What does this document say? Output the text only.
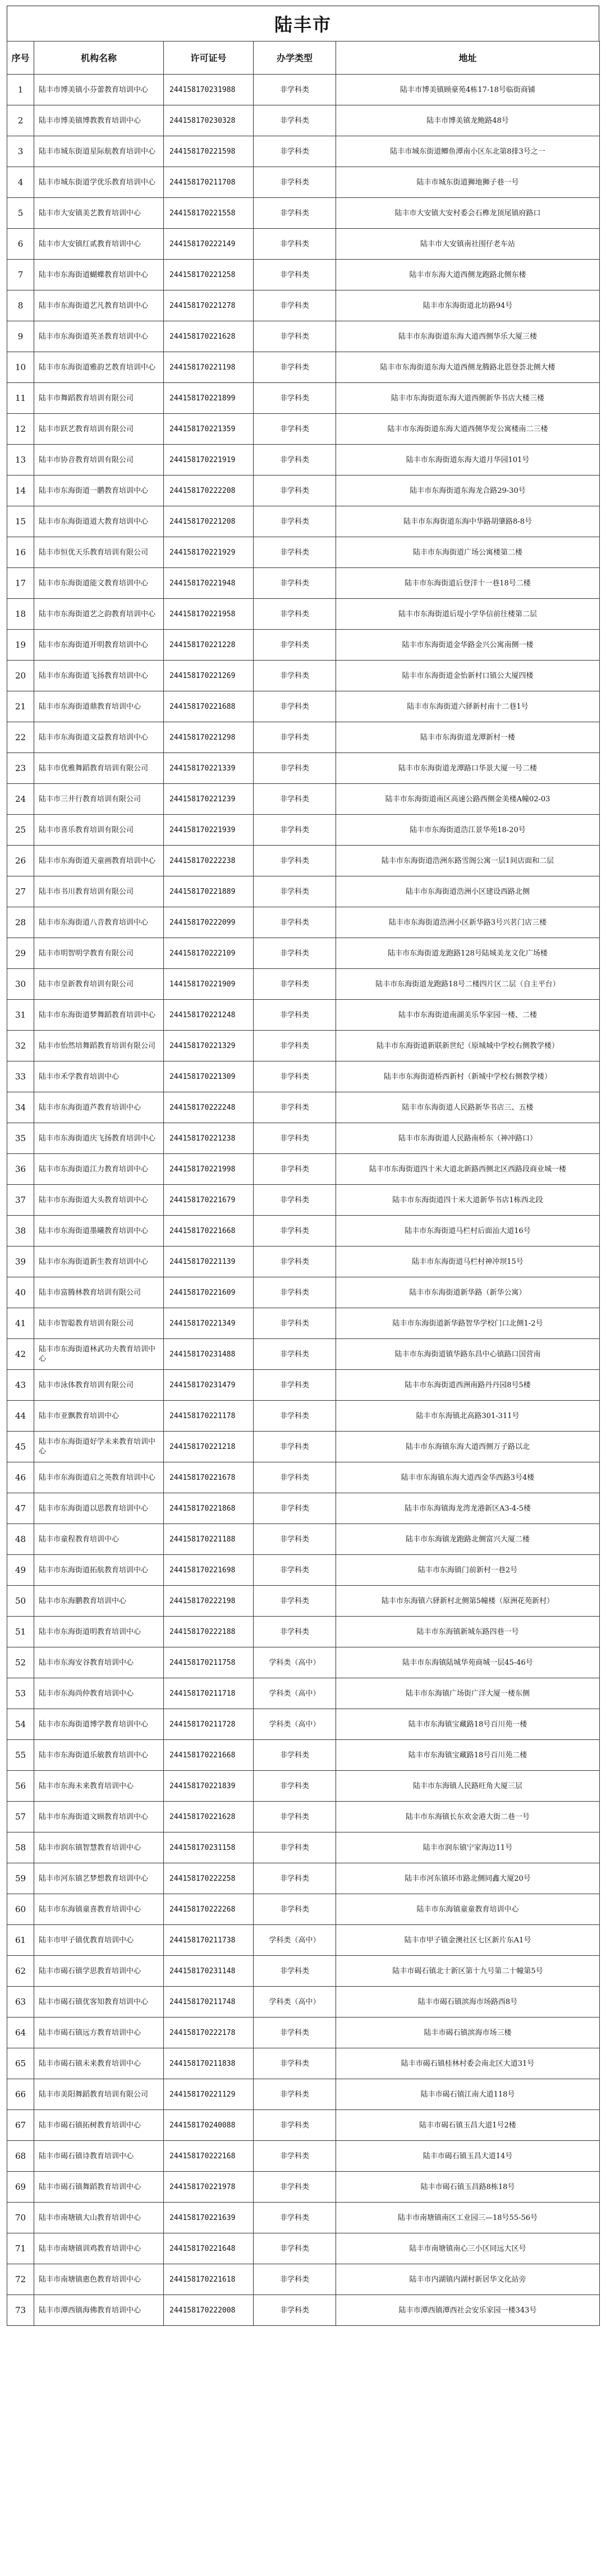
陆丰市
序号	机构名称	许可证号	办学类型	地址
1	陆丰市博美镇小芬蕾教育培训中心	244158170231988	非学科类	陆丰市博美镇顾豪苑4栋17-18号临街商铺
2	陆丰市博美镇博教教育培训中心	244158170230328	非学科类	陆丰市博美镇龙鲍路48号
3	陆丰市城东街道星际航教育培训中心	244158170221598	非学科类	陆丰市城东街道鲫鱼潭南小区东北第8排3号之一
4	陆丰市城东街道学优乐教育培训中心	244158170211708	非学科类	陆丰市城东街道狮地狮子巷一号
5	陆丰市大安镇美艺教育培训中心	244158170221558	非学科类	陆丰市大安镇大安村委会石榫龙顶尾镇府路口
6	陆丰市大安镇红贰教育培训中心	244158170222149	非学科类	陆丰市大安镇南社围仔老车站
7	陆丰市东海街道蝴蝶教育培训中心	244158170221258	非学科类	陆丰市东海大道西侧龙跑路北侧东楼
8	陆丰市东海街道艺凡教育培训中心	244158170221278	非学科类	陆丰市东海街道北坊路94号
9	陆丰市东海街道英圣教育培训中心	244158170221628	非学科类	陆丰市东海街道东海大道西侧华乐大厦三楼
10	陆丰市东海街道雅韵艺教育培训中心	244158170221198	非学科类	陆丰市东海街道东海大道西侧龙腾路北恩登荟北侧大楼
11	陆丰市舞蹈教育培训有限公司	244158170221899	非学科类	陆丰市东海街道东海大道西侧新华书店大楼三楼
12	陆丰市跃艺教育培训有限公司	244158170221359	非学科类	陆丰市东海街道东海大道西侧华发公寓楼南二三楼
13	陆丰市协音教育培训有限公司	244158170221919	非学科类	陆丰市东海街道东海大道月华园101号
14	陆丰市东海街道一鹏教育培训中心	244158170222208	非学科类	陆丰市东海街道东海龙合路29-30号
15	陆丰市东海街道道大教育培训中心	244158170221208	非学科类	陆丰市东海街道东海中华路胡肇路8-8号
16	陆丰市恒优天乐教育培训有限公司	244158170221929	非学科类	陆丰市东海街道广场公寓楼第二楼
17	陆丰市东海街道能文教育培训中心	244158170221948	非学科类	陆丰市东海街道后登洋十一巷18号二楼
18	陆丰市东海街道艺之韵教育培训中心	244158170221958	非学科类	陆丰市东海街道后堤小学华信前往楼第二层
19	陆丰市东海街道开明教育培训中心	244158170221228	非学科类	陆丰市东海街道金华路金兴公寓南侧一楼
20	陆丰市东海街道飞扬教育培训中心	244158170221269	非学科类	陆丰市东海街道金怡新村口镇公大厦四楼
21	陆丰市东海街道鼎教育培训中心	244158170221688	非学科类	陆丰市东海街道六驿新村南十二巷1号
22	陆丰市东海街道文益教育培训中心	244158170221298	非学科类	陆丰市东海街道龙潭新村一楼
23	陆丰市优雅舞蹈教育培训有限公司	244158170221339	非学科类	陆丰市东海街道龙潭路口华景大厦一号二楼
24	陆丰市三井行教育培训有限公司	244158170221239	非学科类	陆丰市东海街道南区高速公路西侧金美楼A幢02-03
25	陆丰市喜乐教育培训有限公司	244158170221939	非学科类	陆丰市东海街道浩江景华苑18-20号
26	陆丰市东海街道天童画教育培训中心	244158170222238	非学科类	陆丰市东海街道浩洲东路雪阁公寓一层1间店面和二层
27	陆丰市书川教育培训有限公司	244158170221889	非学科类	陆丰市东海街道浩洲小区建设西路北侧
28	陆丰市东海街道八音教育培训中心	244158170222099	非学科类	陆丰市东海街道浩洲小区新华路3号兴茗门店三楼
29	陆丰市明智明学教育有限公司	244158170222109	非学科类	陆丰市东海街道龙跑路128号陆城美龙文化广场楼
30	陆丰市皇新教育培训有限公司	144158170221909	非学科类	陆丰市东海街道龙跑路18号二楼四片区二层（自主平台）
31	陆丰市东海街道梦舞蹈教育培训中心	244158170221248	非学科类	陆丰市东海街道南湖美乐华家园一楼、二楼
32	陆丰市怡然培舞蹈教育培训有限公司	244158170221329	非学科类	陆丰市东海街道新联新世纪（原城城中学校右侧教学楼）
33	陆丰市禾学教育培训中心	244158170221309	非学科类	陆丰市东海街道桥西新村（新城中学校右侧教学楼）
34	陆丰市东海街道芦教育培训中心	244158170222248	非学科类	陆丰市东海街道人民路新华书店三、五楼
35	陆丰市东海街道庆飞扬教育培训中心	244158170221238	非学科类	陆丰市东海街道人民路南桥东（神冲路口）
36	陆丰市东海街道江力教育培训中心	244158170221998	非学科类	陆丰市东海街道四十米大道北新路西侧北区西路段商业城一楼
37	陆丰市东海街道大头教育培训中心	244158170221679	非学科类	陆丰市东海街道四十米大道新华书店1栋西北段
38	陆丰市东海街道墨曦教育培训中心	244158170221668	非学科类	陆丰市东海街道马栏村后面汕大道16号
39	陆丰市东海街道新生教育培训中心	244158170221139	非学科类	陆丰市东海街道马栏村神冲坝15号
40	陆丰市富腾林教育培训有限公司	244158170221609	非学科类	陆丰市东海街道新华路（新华公寓）
41	陆丰市智聪教育培训有限公司	244158170221349	非学科类	陆丰市东海街道新华路智华学校门口北侧1-2号
42	陆丰市东海街道林武功夫教育培训中心	244158170231488	非学科类	陆丰市东海街道镇华路东昌中心镇路口国营南
43	陆丰市泳体教育培训有限公司	244158170231479	非学科类	陆丰市东海街道西洲南路丹丹园8号5楼
44	陆丰市亚飘教育培训中心	244158170221178	非学科类	陆丰市东海镇北高路301-311号
45	陆丰市东海街道好学未来教育培训中心	244158170221218	非学科类	陆丰市东海镇东海大道西侧万子路以北
46	陆丰市东海街道启之英教育培训中心	244158170221678	非学科类	陆丰市东海镇东海大道西金华西路3号4楼
47	陆丰市东海街道以思教育培训中心	244158170221868	非学科类	陆丰市东海镇海龙湾龙港新区A3-4-5楼
48	陆丰市童程教育培训中心	244158170221188	非学科类	陆丰市东海镇龙跑路北侧富兴大厦二楼
49	陆丰市东海街道拓航教育培训中心	244158170221698	非学科类	陆丰市东海镇门前新村一巷2号
50	陆丰市东海鹏教育培训中心	244158170222198	非学科类	陆丰市东海镇六驿新村北侧第5幢楼（原洲花苑新村）
51	陆丰市东海街道明教育培训中心	244158170222188	非学科类	陆丰市东海镇新城东路四巷一号
52	陆丰市东海安谷教育培训中心	244158170211758	学科类（高中）	陆丰市东海镇陆城华苑商城一层45-46号
53	陆丰市东海尚仲教育培训中心	244158170211718	学科类（高中）	陆丰市东海镇广场街广洋大厦一楼东侧
54	陆丰市东海街道博学教育培训中心	244158170211728	学科类（高中）	陆丰市东海镇宝藏路18号百川苑一楼
55	陆丰市东海街道乐敏教育培训中心	244158170221668	非学科类	陆丰市东海镇宝藏路18号百川苑二楼
56	陆丰市东海未来教育培训中心	244158170221839	非学科类	陆丰市东海镇人民路旺角大厦三层
57	陆丰市东海街道文顾教育培训中心	244158170221628	非学科类	陆丰市东海镇长东欢金港大街二巷一号
58	陆丰市润东镇智慧教育培训中心	244158170231158	非学科类	陆丰市润东镇宁家海边11号
59	陆丰市河东镇艺梦想教育培训中心	244158170222258	非学科类	陆丰市河东镇环市路北侧同鑫大厦20号
60	陆丰市东海镇童喜教育培训中心	244158170222268	非学科类	陆丰市东海镇童童教育培训中心
61	陆丰市甲子镇优教育培训中心	244158170211738	学科类（高中）	陆丰市甲子镇金澳社区七区新片东A1号
62	陆丰市碣石镇学思教育培训中心	244158170231148	非学科类	陆丰市碣石镇北十新区第十九号第二十幢第5号
63	陆丰市碣石镇优客知教育培训中心	244158170211748	学科类（高中）	陆丰市碣石镇滨海市场路西8号
64	陆丰市碣石镇远方教育培训中心	244158170222178	非学科类	陆丰市碣石镇滨海市场三楼
65	陆丰市碣石镇未来教育培训中心	244158170211838	非学科类	陆丰市碣石镇桂林村委会南北区大道31号
66	陆丰市美阳舞蹈教育培训有限公司	244158170221129	非学科类	陆丰市碣石镇江南大道118号
67	陆丰市碣石镇拓树教育培训中心	244158170240088	非学科类	陆丰市碣石镇玉昌大道1号2楼
68	陆丰市碣石镇诗教育培训中心	244158170222168	非学科类	陆丰市碣石镇玉昌大道14号
69	陆丰市碣石镇舞蹈教育培训中心	244158170221978	非学科类	陆丰市碣石镇玉昌路8栋18号
70	陆丰市南塘镇大山教育培训中心	244158170221639	非学科类	陆丰市南塘镇南区工业园三—18号55-56号
71	陆丰市南塘镇训鸡教育培训中心	244158170221648	非学科类	陆丰市南塘镇南心三小区同远大区号
72	陆丰市南塘镇惠色教育培训中心	244158170221618	非学科类	陆丰市内湖镇内湖村新居华文化站旁
73	陆丰市潭西镇海佛教育培训中心	244158170222008	非学科类	陆丰市潭西镇潭西社会安乐家园一楼343号
